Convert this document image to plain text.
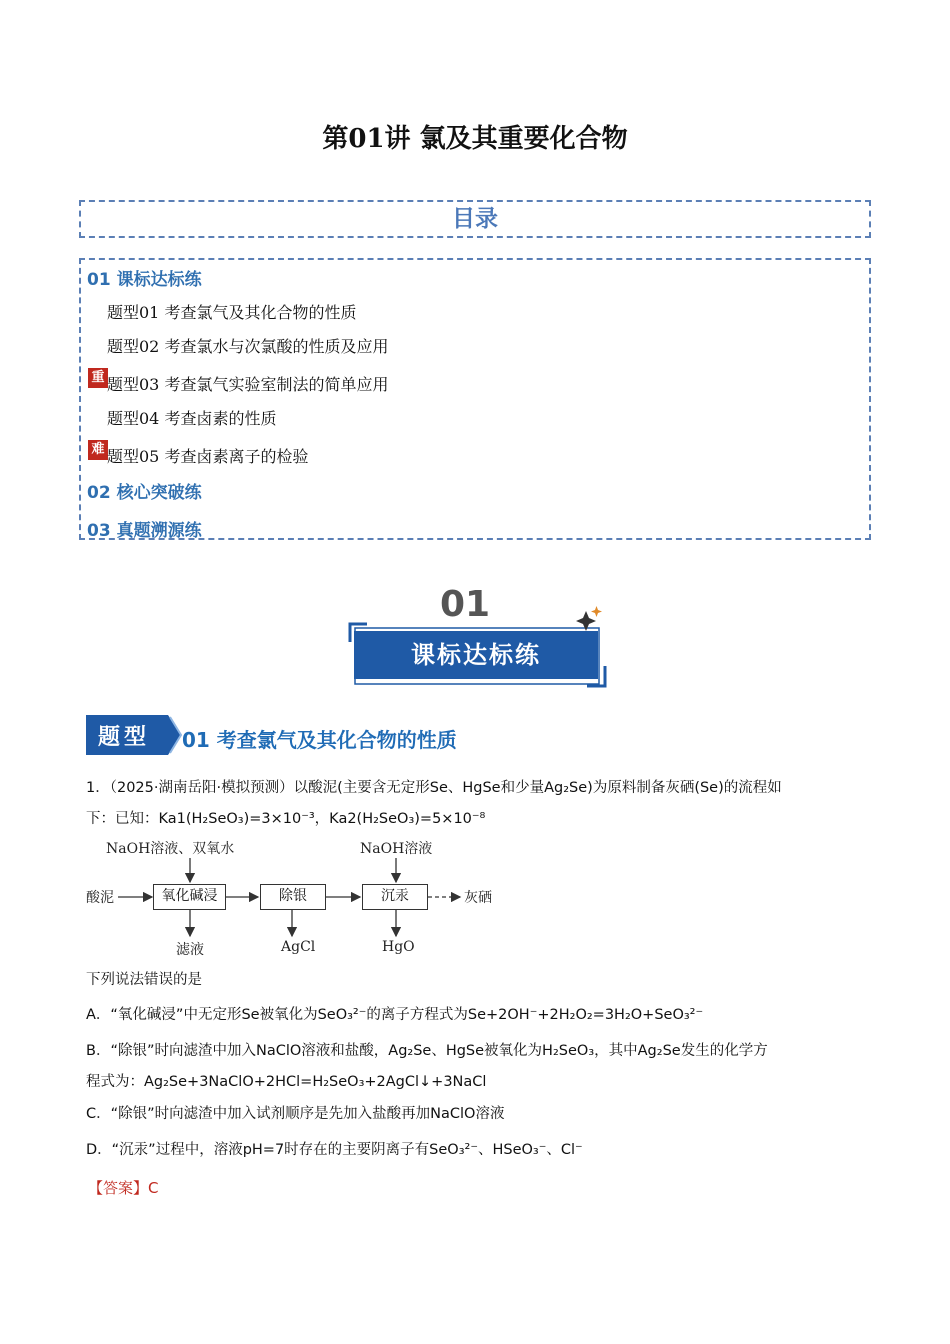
第01讲 氯及其重要化合物
目录
01 课标达标练
题型01 考查氯气及其化合物的性质
题型02 考查氯水与次氯酸的性质及应用
重 题型03 考查氯气实验室制法的简单应用
题型04 考查卤素的性质
难 题型05 考查卤素离子的检验
02 核心突破练
03 真题溯源练
01
课标达标练
题型 01 考查氯气及其化合物的性质
1．（2025·湖南岳阳·模拟预测）以酸泥(主要含无定形Se、HgSe和少量Ag₂Se)为原料制备灰硒(Se)的流程如
下：已知：Ka1(H₂SeO₃)=3×10⁻³，Ka2(H₂SeO₃)=5×10⁻⁸
NaOH溶液、双氧水	NaOH溶液
酸泥	氧化碱浸	除银	沉汞	灰硒
滤液	AgCl	HgO
下列说法错误的是
A．“氧化碱浸”中无定形Se被氧化为SeO₃²⁻的离子方程式为Se+2OH⁻+2H₂O₂=3H₂O+SeO₃²⁻
B．“除银”时向滤渣中加入NaClO溶液和盐酸，Ag₂Se、HgSe被氧化为H₂SeO₃，其中Ag₂Se发生的化学方
程式为：Ag₂Se+3NaClO+2HCl=H₂SeO₃+2AgCl↓+3NaCl
C．“除银”时向滤渣中加入试剂顺序是先加入盐酸再加NaClO溶液
D．“沉汞”过程中，溶液pH=7时存在的主要阴离子有SeO₃²⁻、HSeO₃⁻、Cl⁻
【答案】C
